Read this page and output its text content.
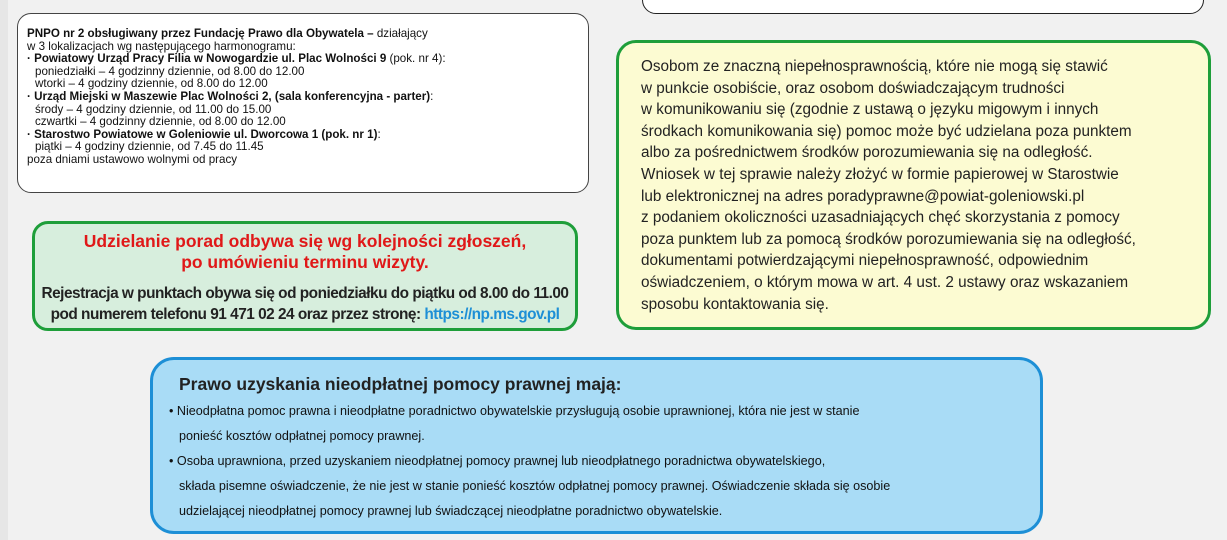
PNPO nr 2 obsługiwany przez Fundację Prawo dla Obywatela – działający
w 3 lokalizacjach wg następującego harmonogramu:
· Powiatowy Urząd Pracy Filia w Nowogardzie ul. Plac Wolności 9 (pok. nr 4):
poniedziałki – 4 godzinny dziennie, od 8.00 do 12.00
wtorki – 4 godziny dziennie, od 8.00 do 12.00
· Urząd Miejski w Maszewie Plac Wolności 2, (sala konferencyjna - parter):
środy – 4 godziny dziennie, od 11.00 do 15.00
czwartki – 4 godzinny dziennie, od 8.00 do 12.00
· Starostwo Powiatowe w Goleniowie ul. Dworcowa 1 (pok. nr 1):
piątki – 4 godziny dziennie, od 7.45 do 11.45
poza dniami ustawowo wolnymi od pracy
Udzielanie porad odbywa się wg kolejności zgłoszeń,
po umówieniu terminu wizyty.
Rejestracja w punktach obywa się od poniedziałku do piątku od 8.00 do 11.00
pod numerem telefonu 91 471 02 24 oraz przez stronę: https://np.ms.gov.pl
Osobom ze znaczną niepełnosprawnością, które nie mogą się stawić
w punkcie osobiście, oraz osobom doświadczającym trudności
w komunikowaniu się (zgodnie z ustawą o języku migowym i innych
środkach komunikowania się) pomoc może być udzielana poza punktem
albo za pośrednictwem środków porozumiewania się na odległość.
Wniosek w tej sprawie należy złożyć w formie papierowej w Starostwie
lub elektronicznej na adres poradyprawne@powiat-goleniowski.pl
z podaniem okoliczności uzasadniających chęć skorzystania z pomocy
poza punktem lub za pomocą środków porozumiewania się na odległość,
dokumentami potwierdzającymi niepełnosprawność, odpowiednim
oświadczeniem, o którym mowa w art. 4 ust. 2 ustawy oraz wskazaniem
sposobu kontaktowania się.
Prawo uzyskania nieodpłatnej pomocy prawnej mają:
• Nieodpłatna pomoc prawna i nieodpłatne poradnictwo obywatelskie przysługują osobie uprawnionej, która nie jest w stanie
ponieść kosztów odpłatnej pomocy prawnej.
• Osoba uprawniona, przed uzyskaniem nieodpłatnej pomocy prawnej lub nieodpłatnego poradnictwa obywatelskiego,
składa pisemne oświadczenie, że nie jest w stanie ponieść kosztów odpłatnej pomocy prawnej. Oświadczenie składa się osobie
udzielającej nieodpłatnej pomocy prawnej lub świadczącej nieodpłatne poradnictwo obywatelskie.
